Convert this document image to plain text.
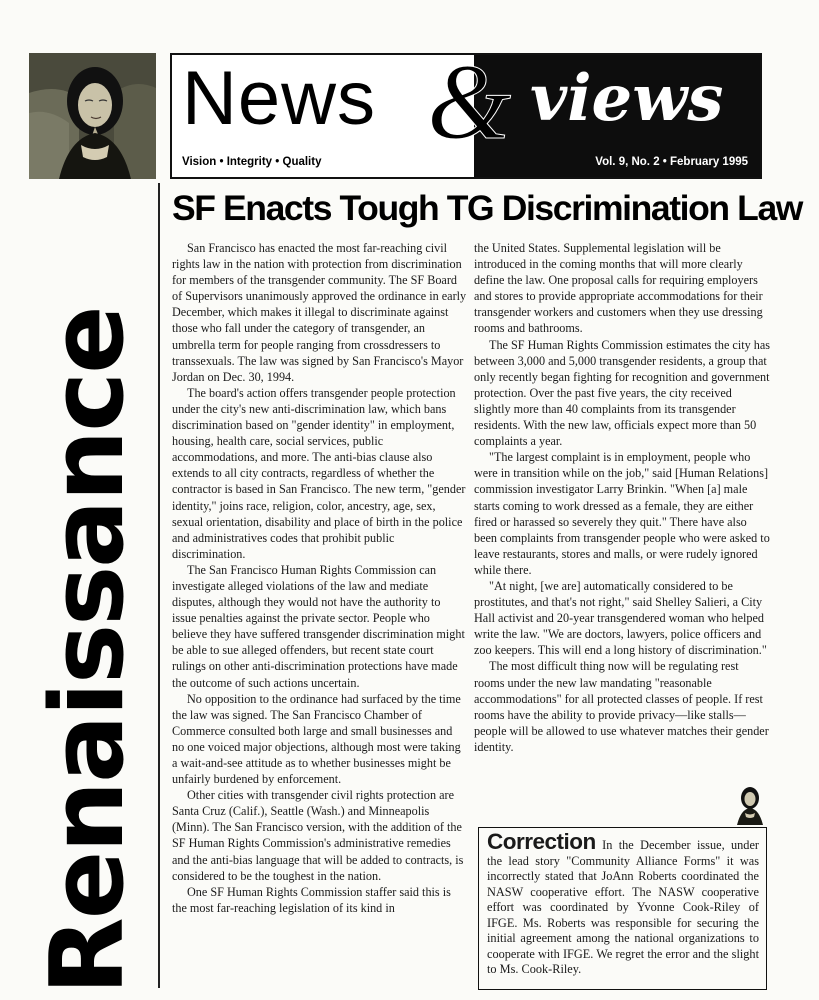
News & views
Vision • Integrity • Quality	Vol. 9, No. 2 • February 1995
Renaissance
SF Enacts Tough TG Discrimination Law

San Francisco has enacted the most far-reaching civil rights law in the nation with protection from discrimination for members of the transgender community. The SF Board of Supervisors unanimously approved the ordinance in early December, which makes it illegal to discriminate against those who fall under the category of transgender, an umbrella term for people ranging from crossdressers to transsexuals. The law was signed by San Francisco's Mayor Jordan on Dec. 30, 1994.

The board's action offers transgender people protection under the city's new anti-discrimination law, which bans discrimination based on "gender identity" in employment, housing, health care, social services, public accommodations, and more. The anti-bias clause also extends to all city contracts, regardless of whether the contractor is based in San Francisco. The new term, "gender identity," joins race, religion, color, ancestry, age, sex, sexual orientation, disability and place of birth in the police and administratives codes that prohibit public discrimination.

The San Francisco Human Rights Commission can investigate alleged violations of the law and mediate disputes, although they would not have the authority to issue penalties against the private sector. People who believe they have suffered transgender discrimination might be able to sue alleged offenders, but recent state court rulings on other anti-discrimination protections have made the outcome of such actions uncertain.

No opposition to the ordinance had surfaced by the time the law was signed. The San Francisco Chamber of Commerce consulted both large and small businesses and no one voiced major objections, although most were taking a wait-and-see attitude as to whether businesses might be unfairly burdened by enforcement.

Other cities with transgender civil rights protection are Santa Cruz (Calif.), Seattle (Wash.) and Minneapolis (Minn). The San Francisco version, with the addition of the SF Human Rights Commission's administrative remedies and the anti-bias language that will be added to contracts, is considered to be the toughest in the nation.

One SF Human Rights Commission staffer said this is the most far-reaching legislation of its kind in

the United States. Supplemental legislation will be introduced in the coming months that will more clearly define the law. One proposal calls for requiring employers and stores to provide appropriate accommodations for their transgender workers and customers when they use dressing rooms and bathrooms.

The SF Human Rights Commission estimates the city has between 3,000 and 5,000 transgender residents, a group that only recently began fighting for recognition and government protection. Over the past five years, the city received slightly more than 40 complaints from its transgender residents. With the new law, officials expect more than 50 complaints a year.

"The largest complaint is in employment, people who were in transition while on the job," said [Human Relations] commission investigator Larry Brinkin. "When [a] male starts coming to work dressed as a female, they are either fired or harassed so severely they quit." There have also been complaints from transgender people who were asked to leave restaurants, stores and malls, or were rudely ignored while there.

"At night, [we are] automatically considered to be prostitutes, and that's not right," said Shelley Salieri, a City Hall activist and 20-year transgendered woman who helped write the law. "We are doctors, lawyers, police officers and zoo keepers. This will end a long history of discrimination."

The most difficult thing now will be regulating rest rooms under the new law mandating "reasonable accommodations" for all protected classes of people. If rest rooms have the ability to provide privacy—like stalls—people will be allowed to use whatever matches their gender identity.

Correction In the December issue, under the lead story "Community Alliance Forms" it was incorrectly stated that JoAnn Roberts coordinated the NASW cooperative effort. The NASW cooperative effort was coordinated by Yvonne Cook-Riley of IFGE. Ms. Roberts was responsible for securing the initial agreement among the national organizations to cooperate with IFGE. We regret the error and the slight to Ms. Cook-Riley.
